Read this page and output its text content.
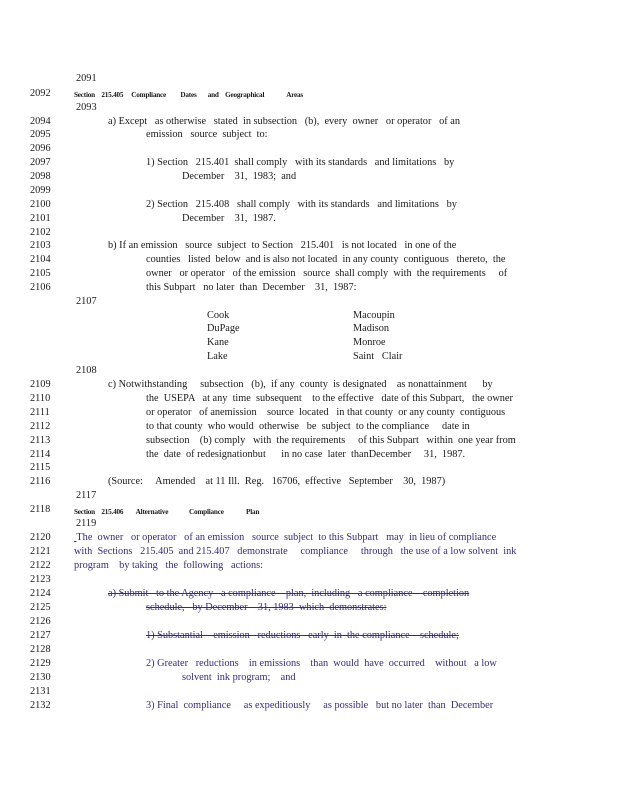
2091
2092
2093
2094
2095
2096
2097
2098
2099
2100
2101
2102
2103
2104
2105
2106
2107
2108
2109
2110
2111
2112
2113
2114
2115
2116
2117
2118
2119
2120
2121
2122
2123
2124
2125
2126
2127
2128
2129
2130
2131
2132
Section    215.405     Compliance         Dates       and    Geographical              Areas
a) Except   as otherwise   stated  in subsection   (b),  every  owner   or operator   of an
emission   source  subject  to:
1) Section   215.401  shall comply   with its standards   and limitations   by
December    31,  1983;  and
2) Section   215.408   shall comply   with its standards   and limitations   by
December    31,  1987.
b) If an emission   source  subject  to Section   215.401   is not located   in one of the
counties   listed  below  and is also not located  in any county  contiguous   thereto,  the
owner   or operator   of the emission   source  shall comply  with  the requirements     of
this Subpart   no later  than  December    31,  1987:
Cook
DuPage
Kane
Lake
Macoupin
Madison
Monroe
Saint   Clair
c) Notwithstanding     subsection   (b),  if any  county  is designated    as nonattainment      by
the  USEPA   at any  time  subsequent    to the effective   date of this Subpart,   the owner
or operator   of anemission    source  located   in that county  or any county  contiguous
to that county  who would  otherwise   be  subject  to the compliance     date in
subsection    (b) comply   with  the requirements     of this Subpart   within  one year from
the  date  of redesignationbut      in no case  later  thanDecember     31,  1987.
(Source:     Amended    at 11 Ill.  Reg.   16706,  effective   September    30,  1987)
Section    215.406        Alternative             Compliance              Plan
The  owner   or operator   of an emission   source  subject  to this Subpart   may  in lieu of compliance
with  Sections   215.405  and 215.407   demonstrate     compliance     through   the use of a low solvent  ink
program    by taking   the  following   actions:
a) Submit   to the Agency   a compliance    plan,  including   a compliance    completion
schedule,   by December    31, 1983  which  demonstrates:
1) Substantial    emission   reductions   early  in  the compliance    schedule;
2) Greater   reductions    in emissions    than  would  have  occurred    without   a low
solvent  ink program;    and
3) Final  compliance     as expeditiously     as possible   but no later  than  December
